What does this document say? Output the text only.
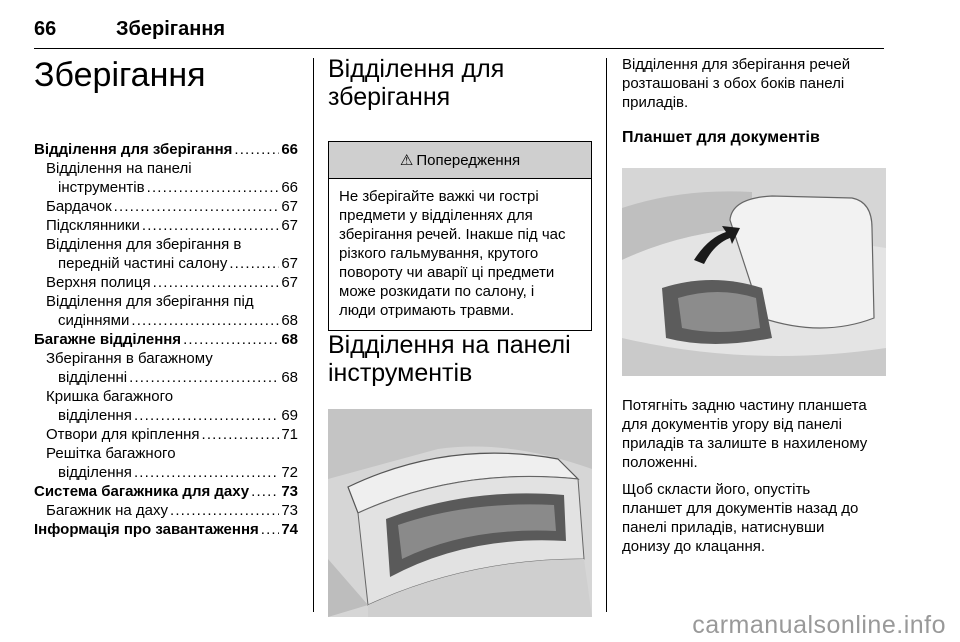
66	Зберігання
Зберігання
Відділення для зберігання . . .	66
Відділення на панелі
інструментів . . .	66
Бардачок . . .	67
Підсклянники . . .	67
Відділення для зберігання в
передній частині салону . . .	67
Верхня полиця . . .	67
Відділення для зберігання під
сидіннями . . .	68
Багажне відділення . . .	68
Зберігання в багажному
відділенні . . .	68
Кришка багажного
відділення . . .	69
Отвори для кріплення . . .	71
Решітка багажного
відділення . . .	72
Система багажника для даху . . . 73
Багажник на даху . . .	73
Інформація про завантаження . . . 74
Відділення для
зберігання
⚠ Попередження

Не зберігайте важкі чи гострі

предмети у відділеннях для

зберігання речей. Інакше під час

різкого гальмування, крутого

повороту чи аварії ці предмети

може розкидати по салону, і

люди отримають травми.

Відділення на панелі
інструментів
Відділення для зберігання речей
розташовані з обох боків панелі
приладів.
Планшет для документів
Потягніть задню частину планшета
для документів угору від панелі
приладів та залиште в нахиленому
положенні.
Щоб скласти його, опустіть
планшет для документів назад до
панелі приладів, натиснувши
донизу до клацання.
carmanualsonline.info
